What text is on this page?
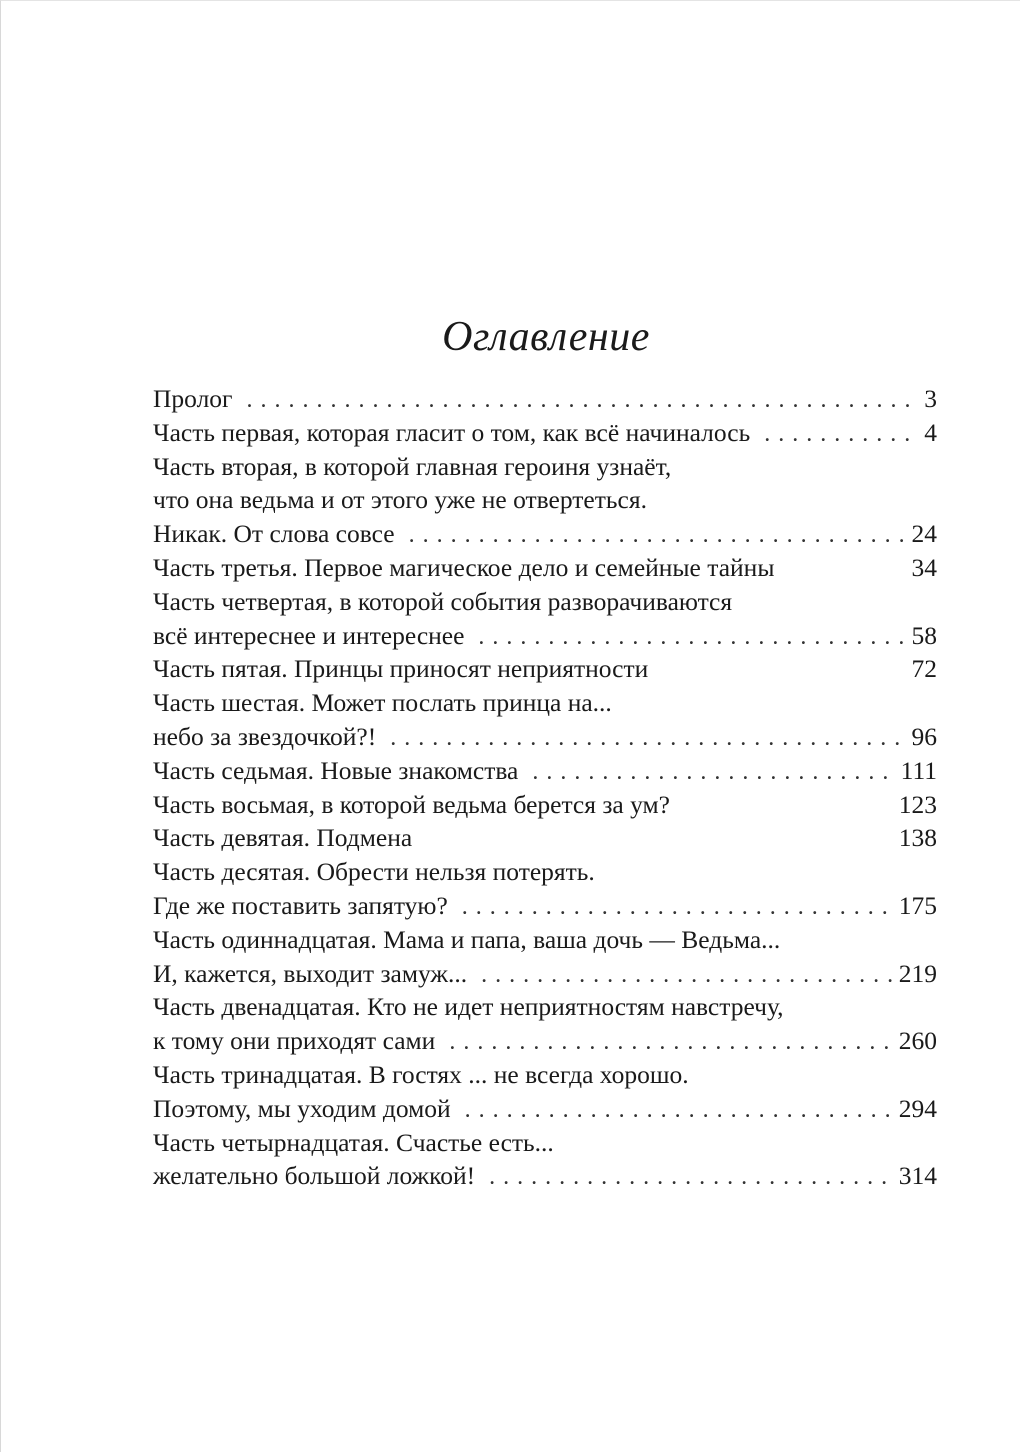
Оглавление
Пролог . . .	3
Часть первая, которая гласит о том, как всё начиналось . . .	4
Часть вторая, в которой главная героиня узнаёт,
что она ведьма и от этого уже не отвертеться.
Никак. От слова совсе . . .	24
Часть третья. Первое магическое дело и семейные тайны	34
Часть четвертая, в которой события разворачиваются
всё интереснее и интереснее . . .	58
Часть пятая. Принцы приносят неприятности	72
Часть шестая. Может послать принца на...
небо за звездочкой?! . . .	96
Часть седьмая. Новые знакомства . . .	111
Часть восьмая, в которой ведьма берется за ум?	123
Часть девятая. Подмена	138
Часть десятая. Обрести нельзя потерять.
Где же поставить запятую? . . .	175
Часть одиннадцатая. Мама и папа, ваша дочь — Ведьма...
И, кажется, выходит замуж... . . .	219
Часть двенадцатая. Кто не идет неприятностям навстречу,
к тому они приходят сами . . .	260
Часть тринадцатая. В гостях ... не всегда хорошо.
Поэтому, мы уходим домой . . .	294
Часть четырнадцатая. Счастье есть...
желательно большой ложкой! . . .	314
